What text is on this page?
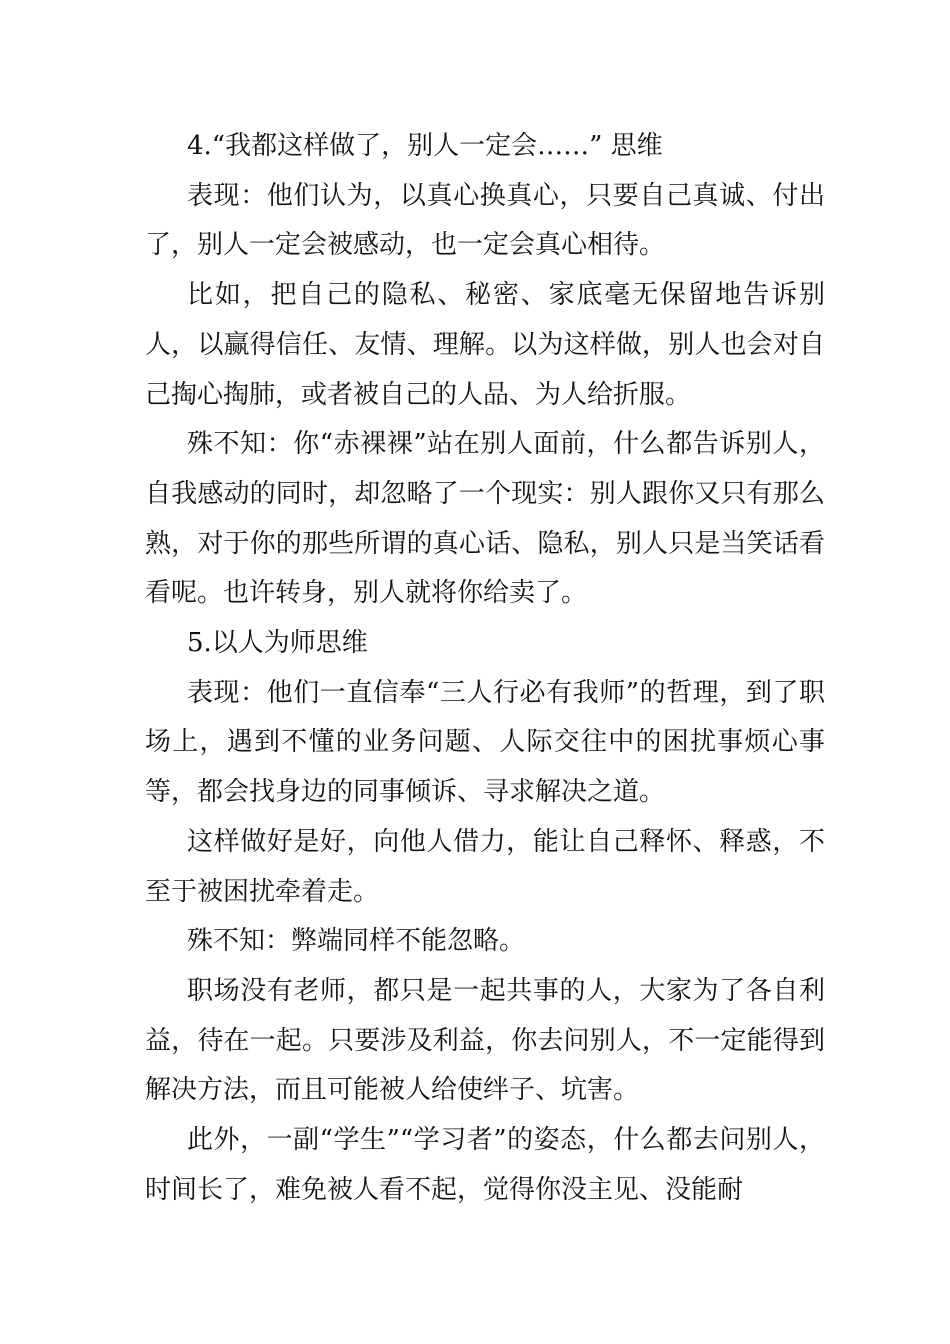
4.“我都这样做了，别人一定会……” 思维

表现：他们认为，以真心换真心，只要自己真诚、付出了，别人一定会被感动，也一定会真心相待。

比如，把自己的隐私、秘密、家底毫无保留地告诉别人，以赢得信任、友情、理解。以为这样做，别人也会对自己掏心掏肺，或者被自己的人品、为人给折服。

殊不知：你“赤裸裸”站在别人面前，什么都告诉别人，自我感动的同时，却忽略了一个现实：别人跟你又只有那么熟，对于你的那些所谓的真心话、隐私，别人只是当笑话看看呢。也许转身，别人就将你给卖了。

5.以人为师思维

表现：他们一直信奉“三人行必有我师”的哲理，到了职场上，遇到不懂的业务问题、人际交往中的困扰事烦心事等，都会找身边的同事倾诉、寻求解决之道。

这样做好是好，向他人借力，能让自己释怀、释惑，不至于被困扰牵着走。

殊不知：弊端同样不能忽略。

职场没有老师，都只是一起共事的人，大家为了各自利益，待在一起。只要涉及利益，你去问别人，不一定能得到解决方法，而且可能被人给使绊子、坑害。

此外，一副“学生”“学习者”的姿态，什么都去问别人，时间长了，难免被人看不起，觉得你没主见、没能耐
